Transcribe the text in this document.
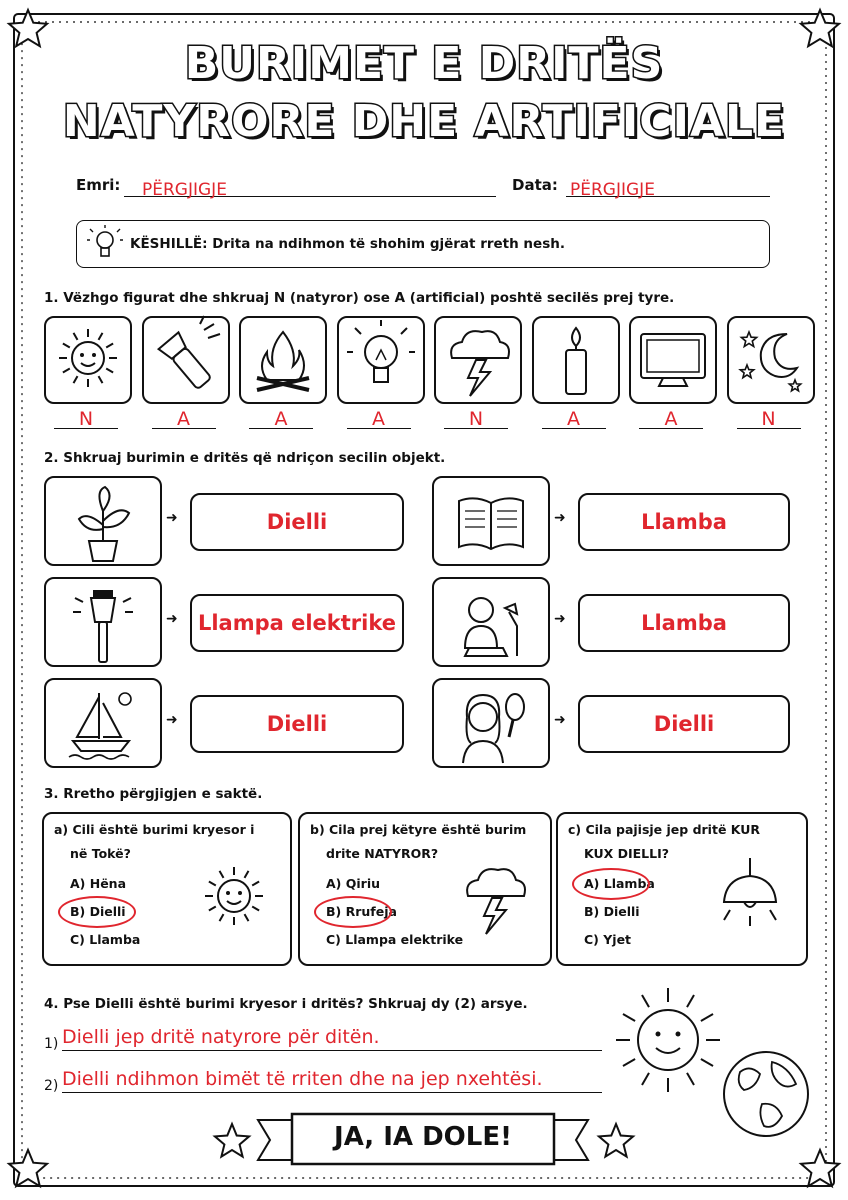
BURIMET E DRITËS
NATYRORE DHE ARTIFICIALE
Emri: PËRGJIGJE	Data: PËRGJIGJE
KËSHILLË: Drita na ndihmon të shohim gjërat rreth nesh.
1. Vëzhgo figurat dhe shkruaj N (natyror) ose A (artificial) poshtë secilës prej tyre.
N	A	A	A	N	A	A	N
2. Shkruaj burimin e dritës që ndriçon secilin objekt.
➜	Dielli	➜	Llamba
➜ Llampa elektrike	➜	Llamba
➜	Dielli	➜	Dielli
3. Rretho përgjigjen e saktë.
a) Cili është burimi kryesor i
në Tokë?
A) Hëna
B) Dielli
C) Llamba
b) Cila prej këtyre është burim
drite NATYROR?
A) Qiriu
B) Rrufeja
C) Llampa elektrike
c) Cila pajisje jep dritë KUR
KUX DIELLI?
A) Llamba
B) Dielli
C) Yjet
4. Pse Dielli është burimi kryesor i dritës? Shkruaj dy (2) arsye.
1) Dielli jep dritë natyrore për ditën.
2) Dielli ndihmon bimët të rriten dhe na jep nxehtësi.
JA, IA DOLE!
